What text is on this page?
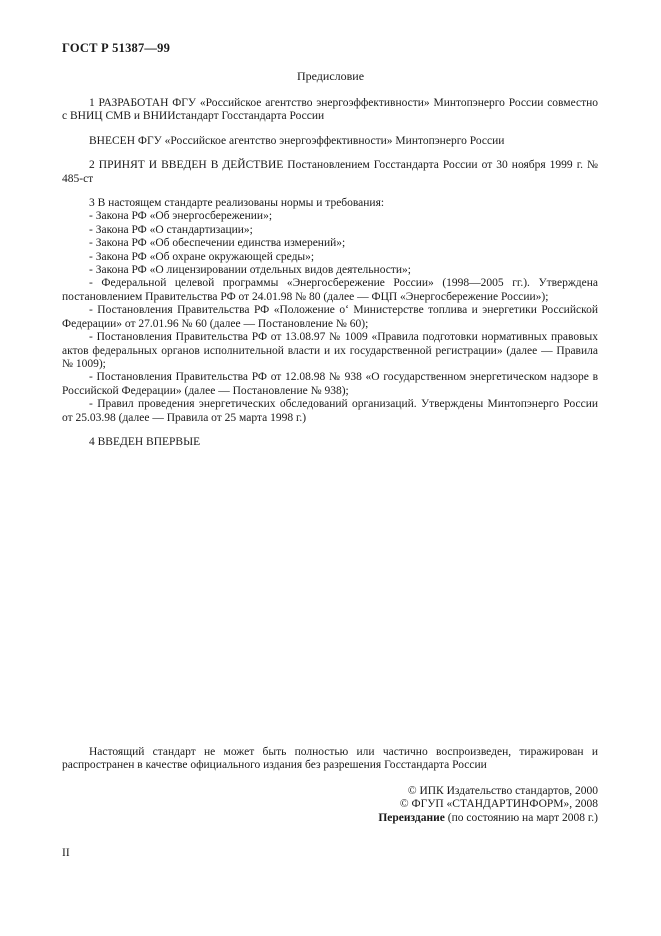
ГОСТ Р 51387—99
Предисловие

1 РАЗРАБОТАН ФГУ «Российское агентство энергоэффективности» Минтопэнерго России совместно с ВНИЦ СМВ и ВНИИстандарт Госстандарта России

ВНЕСЕН ФГУ «Российское агентство энергоэффективности» Минтопэнерго России

2 ПРИНЯТ И ВВЕДЕН В ДЕЙСТВИЕ Постановлением Госстандарта России от 30 ноября 1999 г. № 485-ст

3 В настоящем стандарте реализованы нормы и требования:

- Закона РФ «Об энергосбережении»;

- Закона РФ «О стандартизации»;

- Закона РФ «Об обеспечении единства измерений»;

- Закона РФ «Об охране окружающей среды»;

- Закона РФ «О лицензировании отдельных видов деятельности»;

- Федеральной целевой программы «Энергосбережение России» (1998—2005 гг.). Утверждена постановлением Правительства РФ от 24.01.98 № 80 (далее — ФЦП «Энергосбережение России»);

- Постановления Правительства РФ «Положение о‘ Министерстве топлива и энергетики Российской Федерации» от 27.01.96 № 60 (далее — Постановление № 60);

- Постановления Правительства РФ от 13.08.97 № 1009 «Правила подготовки нормативных правовых актов федеральных органов исполнительной власти и их государственной регистрации» (далее — Правила № 1009);

- Постановления Правительства РФ от 12.08.98 № 938 «О государственном энергетическом надзоре в Российской Федерации» (далее — Постановление № 938);

- Правил проведения энергетических обследований организаций. Утверждены Минтопэнерго России от 25.03.98 (далее — Правила от 25 марта 1998 г.)

4 ВВЕДЕН ВПЕРВЫЕ

Настоящий стандарт не может быть полностью или частично воспроизведен, тиражирован и распространен в качестве официального издания без разрешения Госстандарта России

© ИПК Издательство стандартов, 2000
© ФГУП «СТАНДАРТИНФОРМ», 2008
Переиздание (по состоянию на март 2008 г.)
II
